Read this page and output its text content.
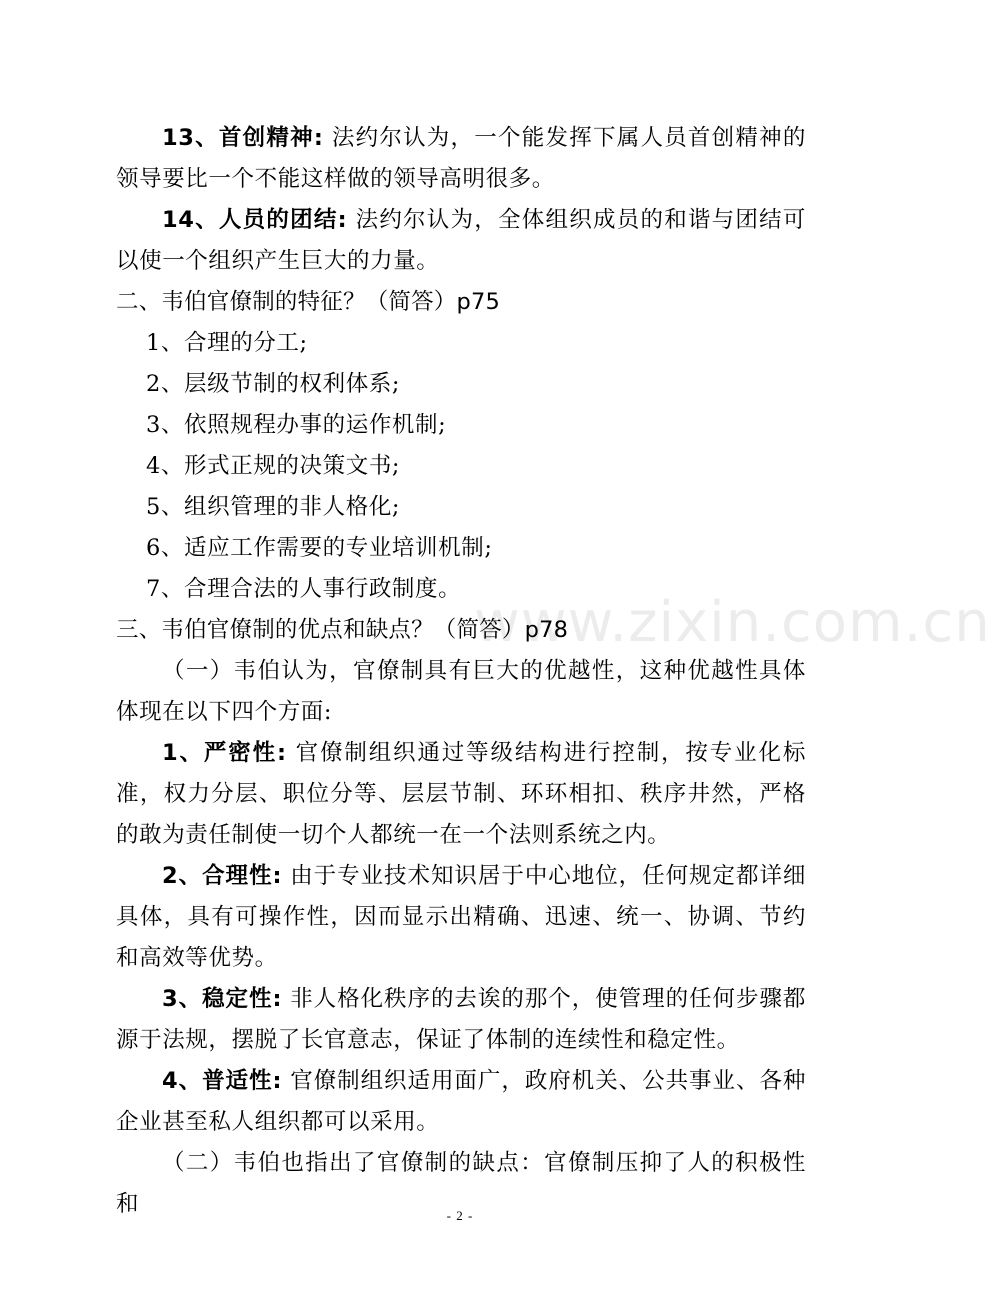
13、首创精神: 法约尔认为，一个能发挥下属人员首创精神的领导要比一个不能这样做的领导高明很多。

14、人员的团结: 法约尔认为，全体组织成员的和谐与团结可以使一个组织产生巨大的力量。

二、韦伯官僚制的特征？（简答）p75

1、合理的分工;

2、层级节制的权利体系;

3、依照规程办事的运作机制;

4、形式正规的决策文书;

5、组织管理的非人格化;

6、适应工作需要的专业培训机制;

7、合理合法的人事行政制度。

三、韦伯官僚制的优点和缺点？（简答）p78

（一）韦伯认为，官僚制具有巨大的优越性，这种优越性具体体现在以下四个方面:

1、严密性: 官僚制组织通过等级结构进行控制，按专业化标准，权力分层、职位分等、层层节制、环环相扣、秩序井然，严格的敢为责任制使一切个人都统一在一个法则系统之内。

2、合理性: 由于专业技术知识居于中心地位，任何规定都详细具体，具有可操作性，因而显示出精确、迅速、统一、协调、节约和高效等优势。

3、稳定性: 非人格化秩序的去诶的那个，使管理的任何步骤都源于法规，摆脱了长官意志，保证了体制的连续性和稳定性。

4、普适性: 官僚制组织适用面广，政府机关、公共事业、各种企业甚至私人组织都可以采用。

（二）韦伯也指出了官僚制的缺点：官僚制压抑了人的积极性和

www.zixin.com.cn
- 2 -
